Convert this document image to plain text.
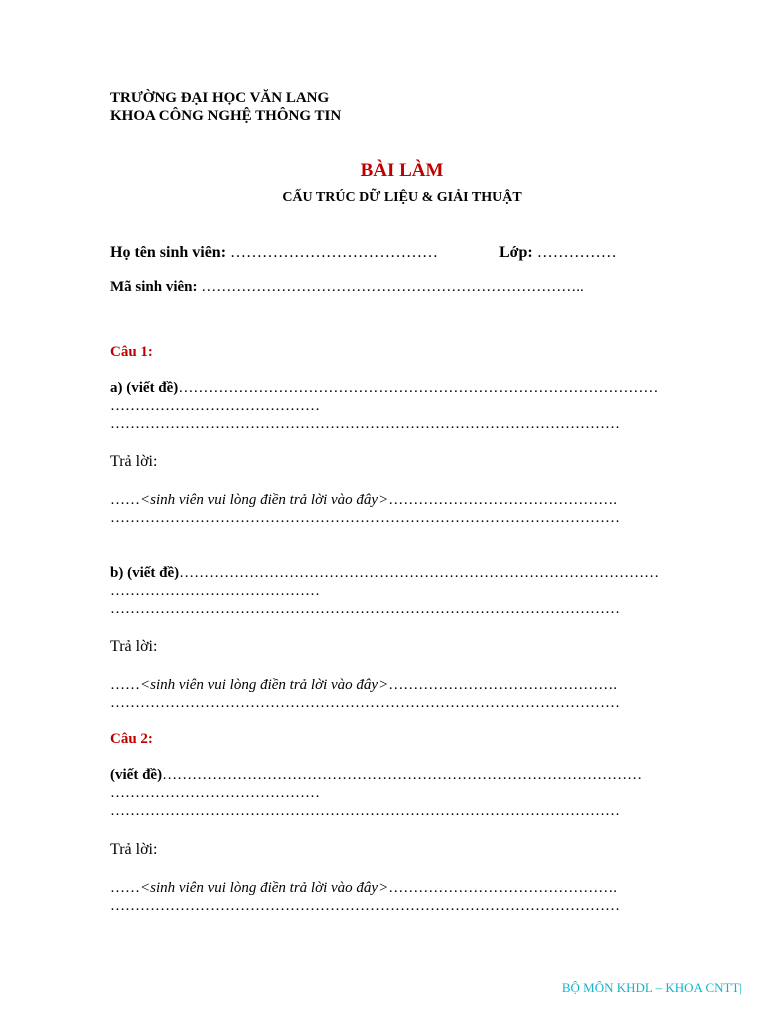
TRƯỜNG ĐẠI HỌC VĂN LANG
KHOA CÔNG NGHỆ THÔNG TIN
BÀI LÀM
CẤU TRÚC DỮ LIỆU & GIẢI THUẬT
Họ tên sinh viên: …………………………………	Lớp: ……………
Mã sinh viên: …………………………………………………………………..
Câu 1:
a) (viết đề)……………………………………………………………………………………
……………………………………
…………………………………………………………………………………………
Trả lời:
……<sinh viên vui lòng điền trả lời vào đây>……………………………………….
…………………………………………………………………………………………
b) (viết đề)……………………………………………………………………………………
……………………………………
…………………………………………………………………………………………
Trả lời:
……<sinh viên vui lòng điền trả lời vào đây>……………………………………….
…………………………………………………………………………………………
Câu 2:
(viết đề)……………………………………………………………………………………
……………………………………
…………………………………………………………………………………………
Trả lời:
……<sinh viên vui lòng điền trả lời vào đây>……………………………………….
…………………………………………………………………………………………
BỘ MÔN KHDL – KHOA CNTT|
